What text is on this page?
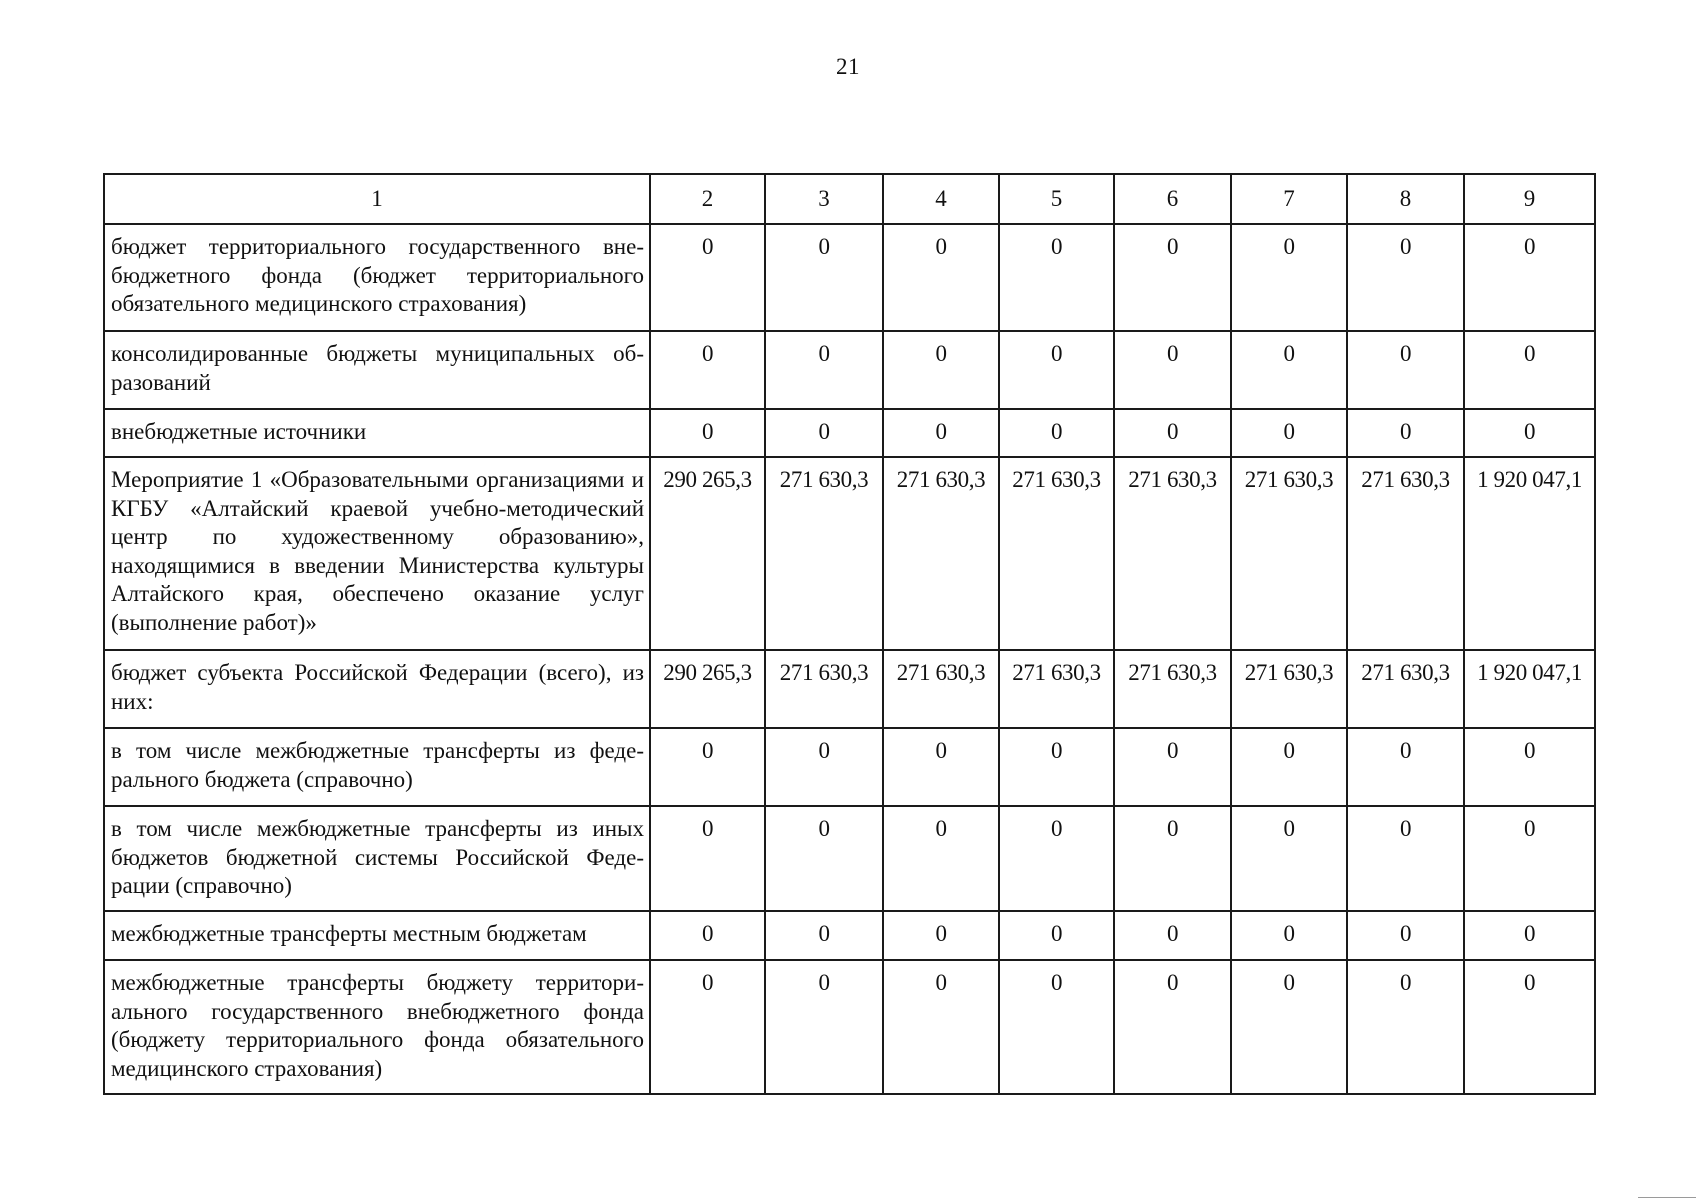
21
1	2	3	4	5	6	7	8	9
бюджет территориального государственного внебюджетного фонда (бюджет территориального обязательного медицинского страхования)	0	0	0	0	0	0	0	0
консолидированные бюджеты муниципальных образований	0	0	0	0	0	0	0	0
внебюджетные источники	0	0	0	0	0	0	0	0
Мероприятие 1 «Образовательными организациями и КГБУ «Алтайский краевой учебно-методический центр по художественному образованию», находящимися в введении Министерства культуры Алтайского края, обеспечено оказание услуг (выполнение работ)»	290 265,3	271 630,3	271 630,3	271 630,3	271 630,3	271 630,3	271 630,3	1 920 047,1
бюджет субъекта Российской Федерации (всего), из них:	290 265,3	271 630,3	271 630,3	271 630,3	271 630,3	271 630,3	271 630,3	1 920 047,1
в том числе межбюджетные трансферты из федерального бюджета (справочно)	0	0	0	0	0	0	0	0
в том числе межбюджетные трансферты из иных бюджетов бюджетной системы Российской Федерации (справочно)	0	0	0	0	0	0	0	0
межбюджетные трансферты местным бюджетам	0	0	0	0	0	0	0	0
межбюджетные трансферты бюджету территориального государственного внебюджетного фонда (бюджету территориального фонда обязательного медицинского страхования)	0	0	0	0	0	0	0	0
